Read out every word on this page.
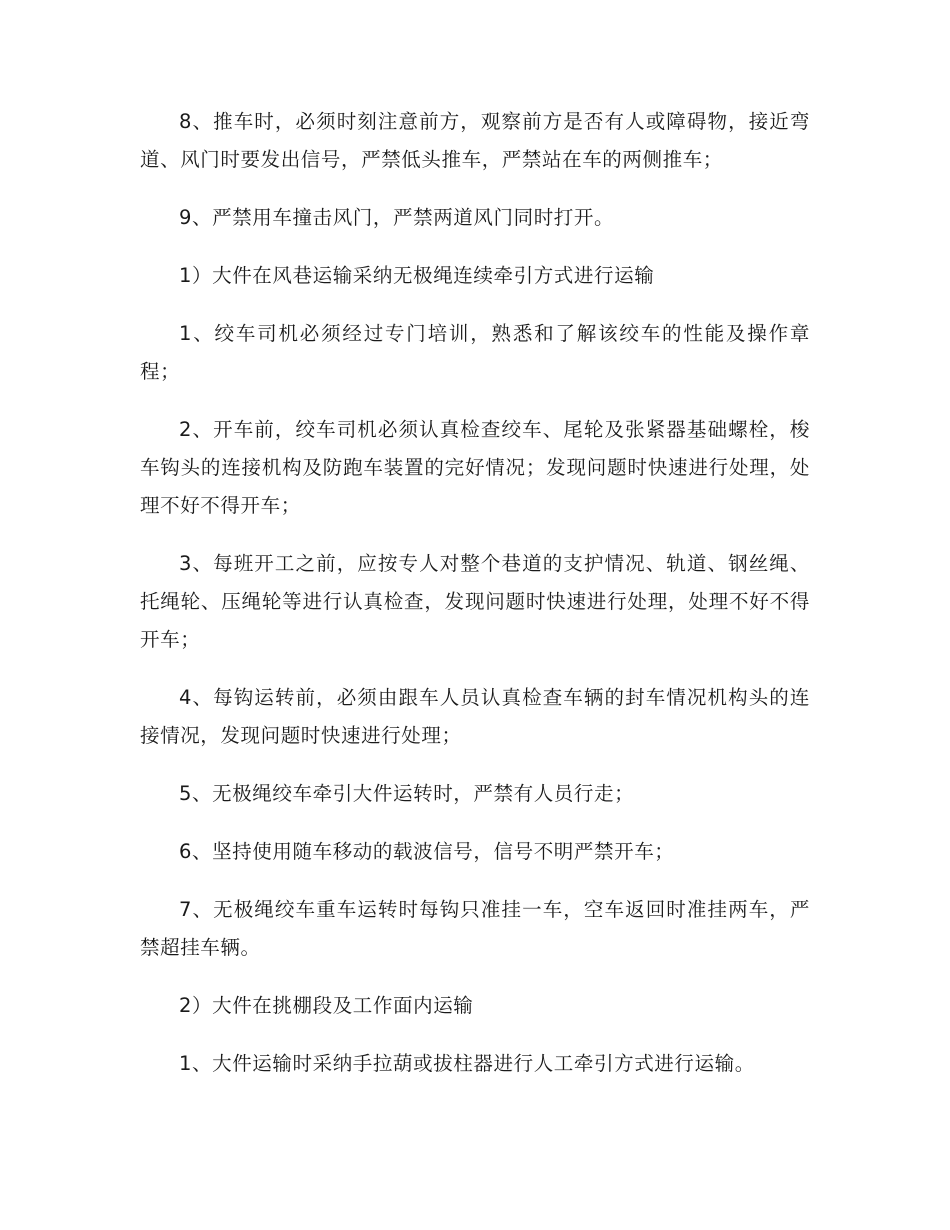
8、推车时，必须时刻注意前方，观察前方是否有人或障碍物，接近弯道、风门时要发出信号，严禁低头推车，严禁站在车的两侧推车；

9、严禁用车撞击风门，严禁两道风门同时打开。

1）大件在风巷运输采纳无极绳连续牵引方式进行运输

1、绞车司机必须经过专门培训，熟悉和了解该绞车的性能及操作章程；

2、开车前，绞车司机必须认真检查绞车、尾轮及张紧器基础螺栓，梭车钩头的连接机构及防跑车装置的完好情况；发现问题时快速进行处理，处理不好不得开车；

3、每班开工之前，应按专人对整个巷道的支护情况、轨道、钢丝绳、托绳轮、压绳轮等进行认真检查，发现问题时快速进行处理，处理不好不得开车；

4、每钩运转前，必须由跟车人员认真检查车辆的封车情况机构头的连接情况，发现问题时快速进行处理；

5、无极绳绞车牵引大件运转时，严禁有人员行走；

6、坚持使用随车移动的载波信号，信号不明严禁开车；

7、无极绳绞车重车运转时每钩只准挂一车，空车返回时准挂两车，严禁超挂车辆。

2）大件在挑棚段及工作面内运输

1、大件运输时采纳手拉葫或拔柱器进行人工牵引方式进行运输。
